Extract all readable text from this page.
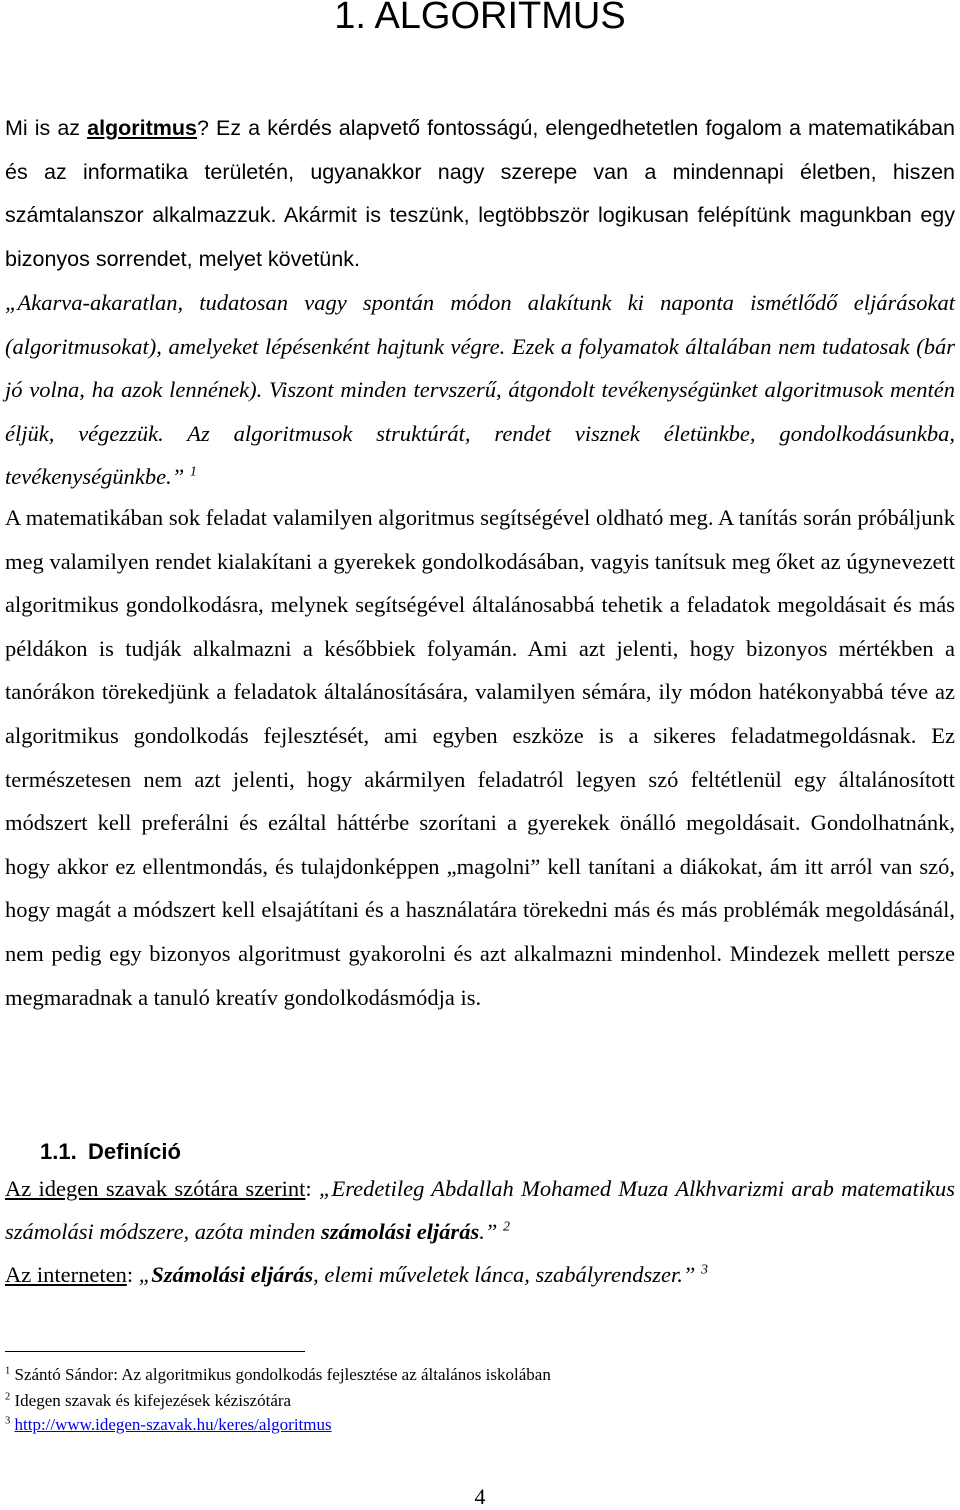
1. ALGORITMUS

Mi is az algoritmus? Ez a kérdés alapvető fontosságú, elengedhetetlen fogalom a matematikában és az informatika területén, ugyanakkor nagy szerepe van a mindennapi életben, hiszen számtalanszor alkalmazzuk. Akármit is teszünk, legtöbbször logikusan felépítünk magunkban egy bizonyos sorrendet, melyet követünk.

„Akarva-akaratlan, tudatosan vagy spontán módon alakítunk ki naponta ismétlődő eljárásokat (algoritmusokat), amelyeket lépésenként hajtunk végre. Ezek a folyamatok általában nem tudatosak (bár jó volna, ha azok lennének). Viszont minden tervszerű, átgondolt tevékenységünket algoritmusok mentén éljük, végezzük. Az algoritmusok struktúrát, rendet visznek életünkbe, gondolkodásunkba, tevékenységünkbe.” $^1$

A matematikában sok feladat valamilyen algoritmus segítségével oldható meg. A tanítás során próbáljunk meg valamilyen rendet kialakítani a gyerekek gondolkodásában, vagyis tanítsuk meg őket az úgynevezett algoritmikus gondolkodásra, melynek segítségével általánosabbá tehetik a feladatok megoldásait és más példákon is tudják alkalmazni a későbbiek folyamán. Ami azt jelenti, hogy bizonyos mértékben a tanórákon törekedjünk a feladatok általánosítására, valamilyen sémára, ily módon hatékonyabbá téve az algoritmikus gondolkodás fejlesztését, ami egyben eszköze is a sikeres feladatmegoldásnak. Ez természetesen nem azt jelenti, hogy akármilyen feladatról legyen szó feltétlenül egy általánosított módszert kell preferálni és ezáltal háttérbe szorítani a gyerekek önálló megoldásait. Gondolhatnánk, hogy akkor ez ellentmondás, és tulajdonképpen „magolni” kell tanítani a diákokat, ám itt arról van szó, hogy magát a módszert kell elsajátítani és a használatára törekedni más és más problémák megoldásánál, nem pedig egy bizonyos algoritmust gyakorolni és azt alkalmazni mindenhol. Mindezek mellett persze megmaradnak a tanuló kreatív gondolkodásmódja is.

1.1. Definíció

Az idegen szavak szótára szerint: „Eredetileg Abdallah Mohamed Muza Alkhvarizmi arab matematikus számolási módszere, azóta minden számolási eljárás.” $^2$

Az interneten: „Számolási eljárás, elemi műveletek lánca, szabályrendszer.” $^3$

$^1$ Szántó Sándor: Az algoritmikus gondolkodás fejlesztése az általános iskolában

$^2$ Idegen szavak és kifejezések kéziszótára

$^3$ http://www.idegen-szavak.hu/keres/algoritmus

4
